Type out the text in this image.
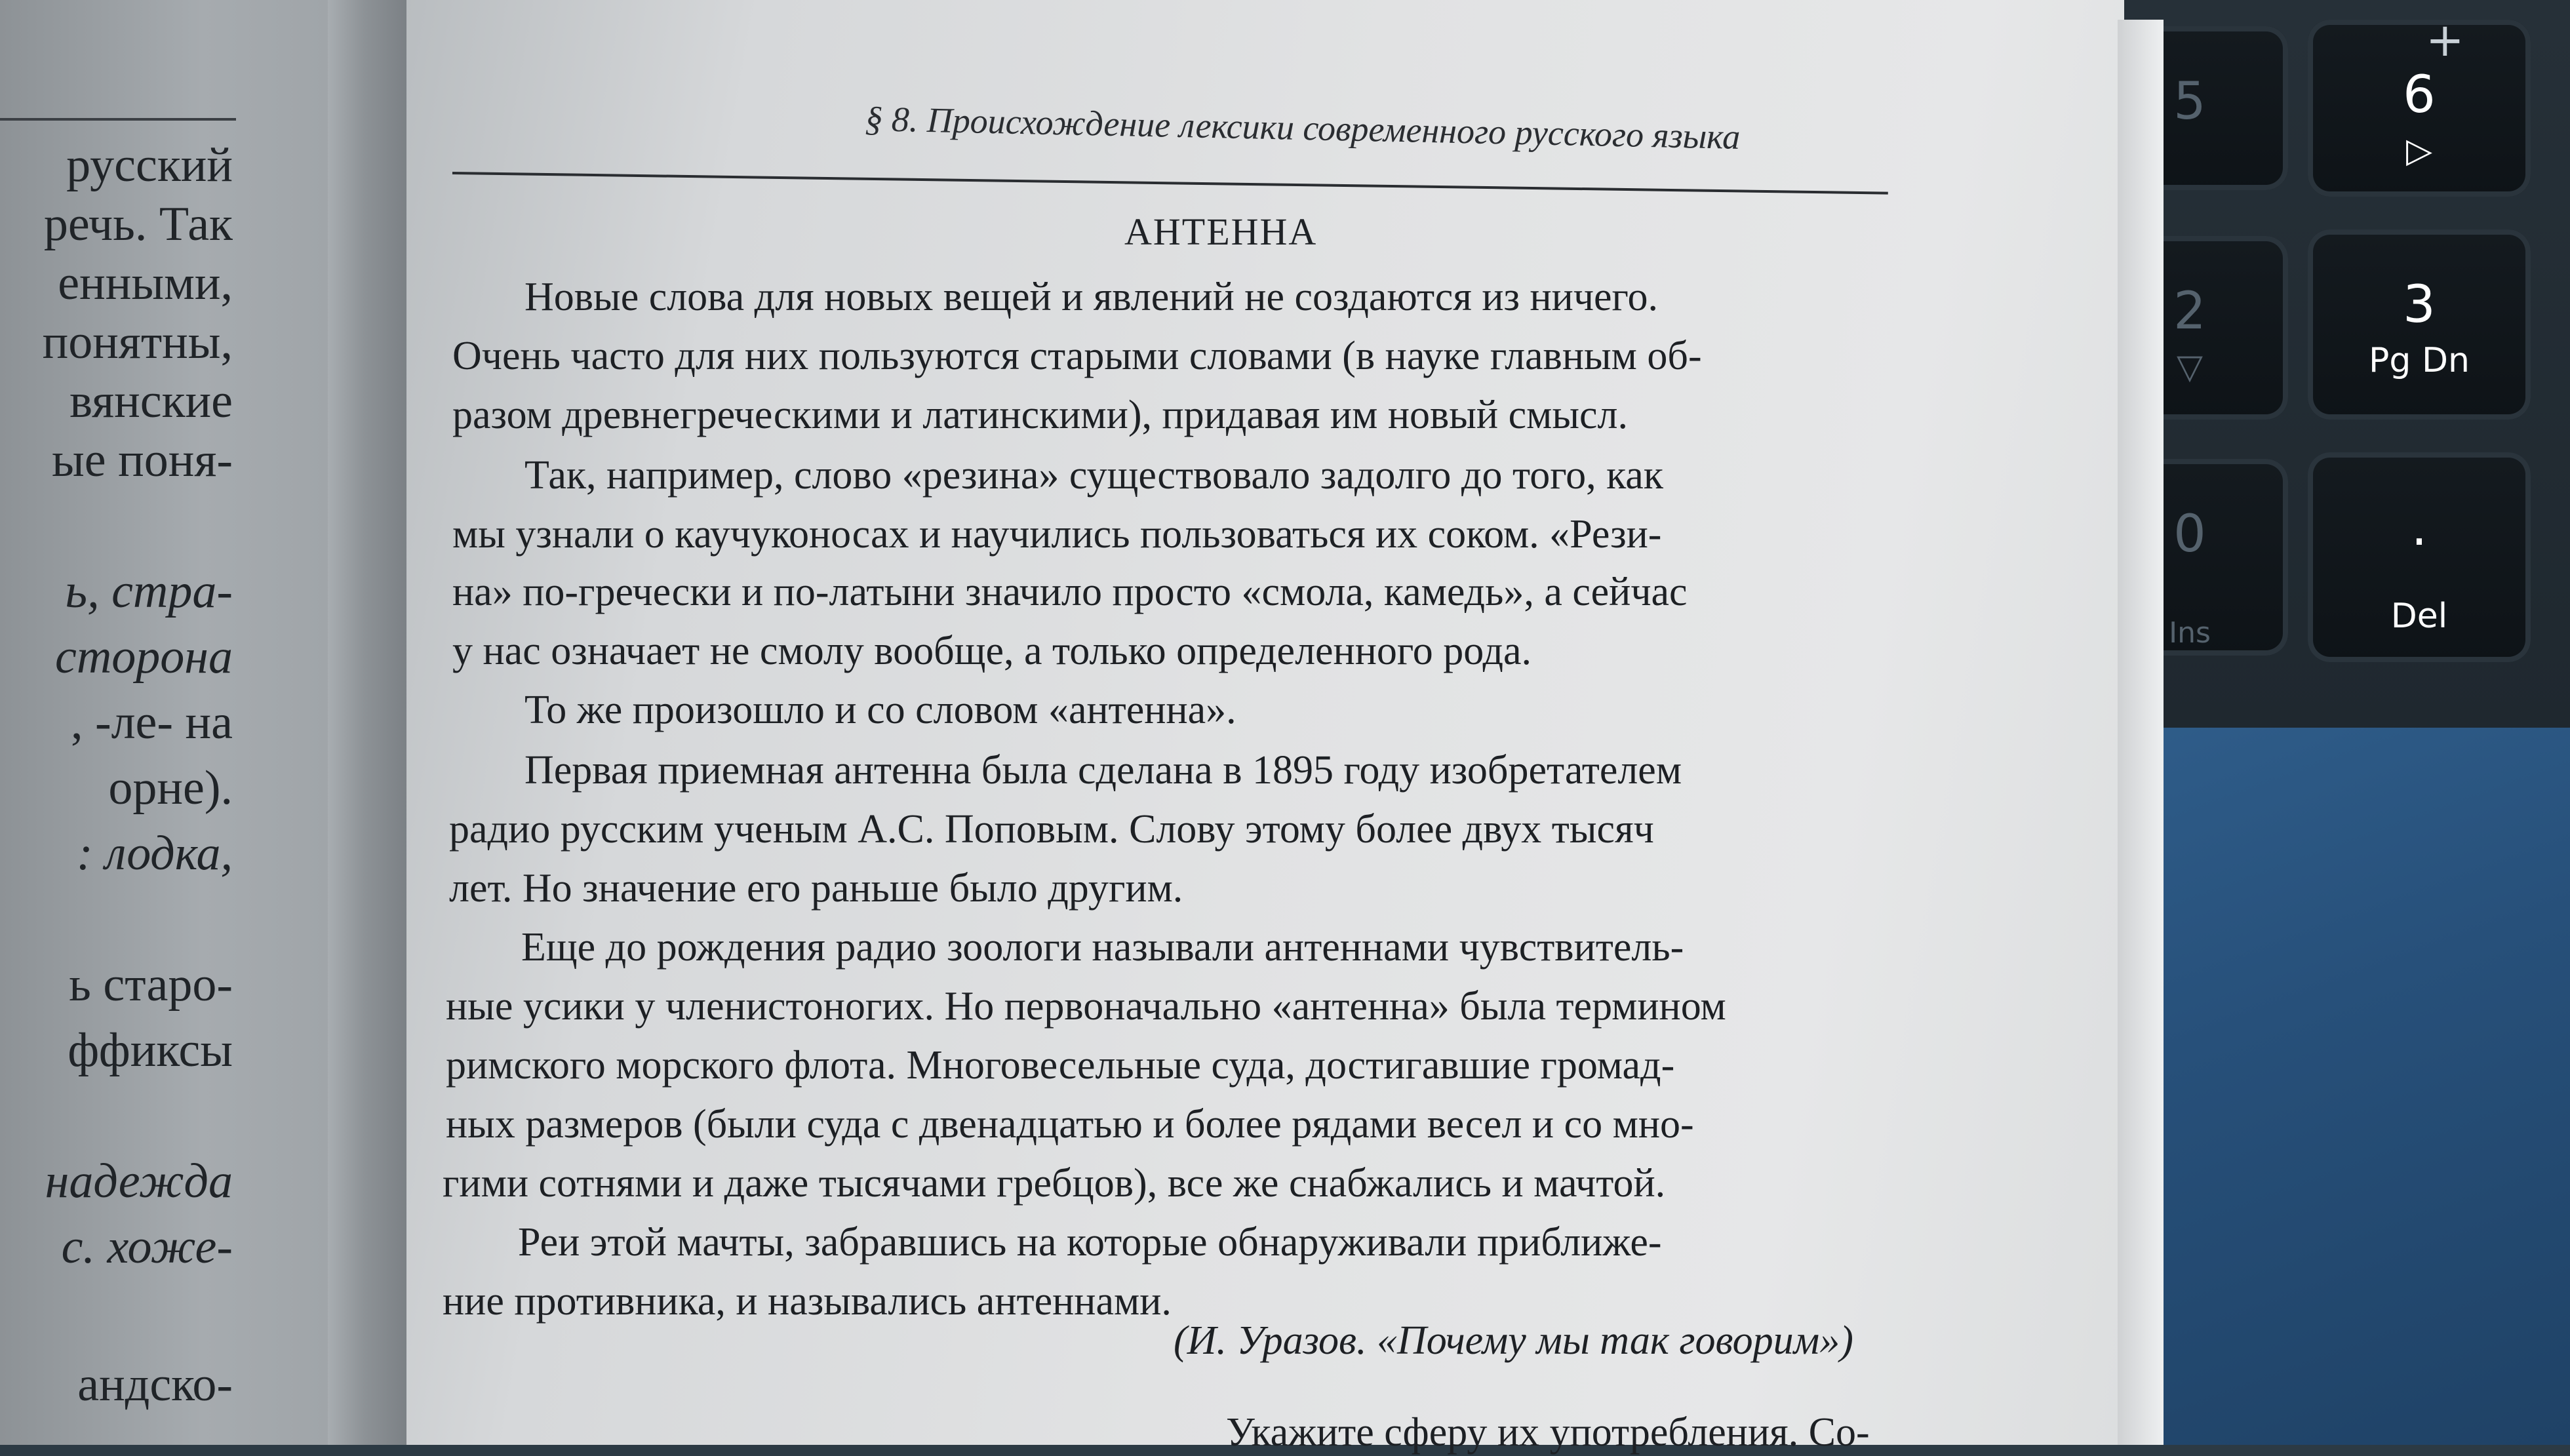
5	6
▷
2
▽
3
Pg Dn
0
Ins
.
Del
+
русский
речь. Так
енными,
понятны,
вянские
ые поня-
ь, стра-
сторона
, -ле- на
орне).
: лодка,
ь старо-
ффиксы
надежда
с. хоже-
андско-
§ 8. Происхождение лексики современного русского языка
АНТЕННА
Новые слова для новых вещей и явлений не создаются из ничего.
Очень часто для них пользуются старыми словами (в науке главным об-
разом древнегреческими и латинскими), придавая им новый смысл.
Так, например, слово «резина» существовало задолго до того, как
мы узнали о каучуконосах и научились пользоваться их соком. «Рези-
на» по-гречески и по-латыни значило просто «смола, камедь», а сейчас
у нас означает не смолу вообще, а только определенного рода.
То же произошло и со словом «антенна».
Первая приемная антенна была сделана в 1895 году изобретателем
радио русским ученым А.С. Поповым. Слову этому более двух тысяч
лет. Но значение его раньше было другим.
Еще до рождения радио зоологи называли антеннами чувствитель-
ные усики у членистоногих. Но первоначально «антенна» была термином
римского морского флота. Многовесельные суда, достигавшие громад-
ных размеров (были суда с двенадцатью и более рядами весел и со мно-
гими сотнями и даже тысячами гребцов), все же снабжались и мачтой.
Реи этой мачты, забравшись на которые обнаруживали приближе-
ние противника, и назывались антеннами.
(И. Уразов. «Почему мы так говорим»)
Укажите сферу их употребления. Со-
